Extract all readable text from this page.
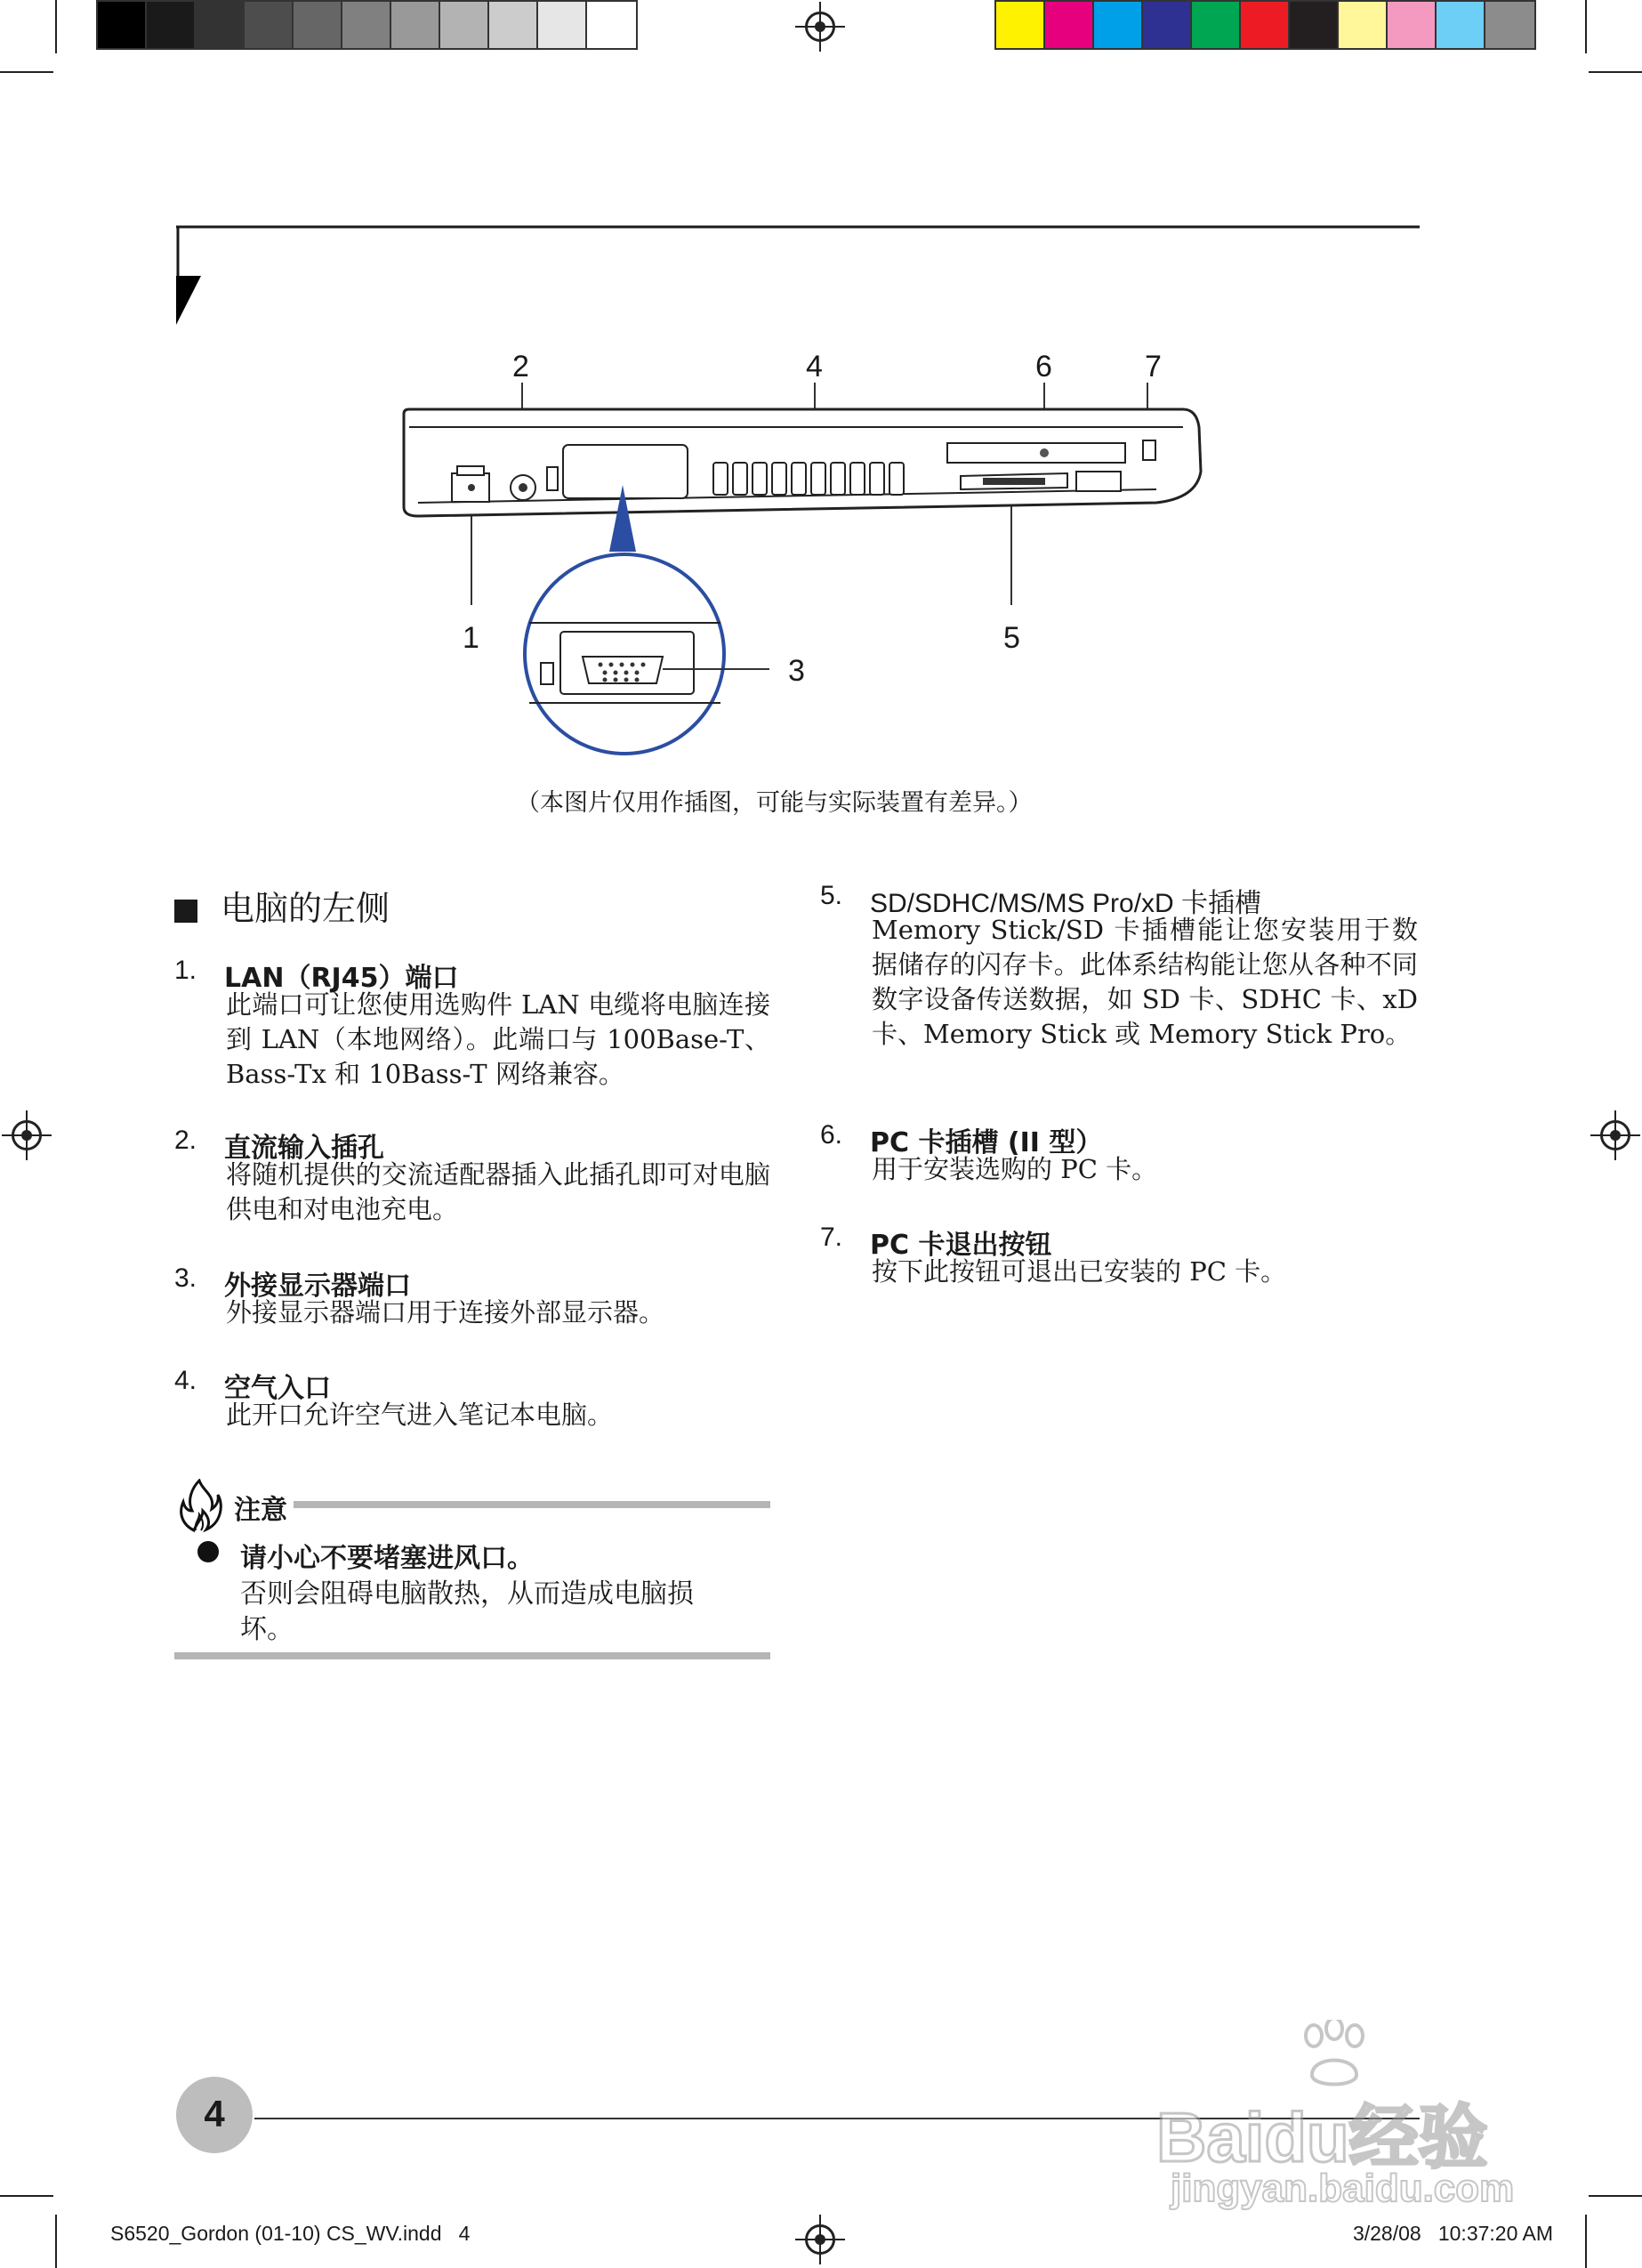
2	4	6	7
1	5
3
（本图片仅用作插图，可能与实际装置有差异。）
电脑的左侧
1. LAN（RJ45）端口
此端口可让您使用选购件 LAN 电缆将电脑连接到 LAN（本地网络）。此端口与 100Base-T、Bass-Tx 和 10Bass-T 网络兼容。
2. 直流输入插孔
将随机提供的交流适配器插入此插孔即可对电脑供电和对电池充电。
3. 外接显示器端口
外接显示器端口用于连接外部显示器。
4. 空气入口
此开口允许空气进入笔记本电脑。
注意
请小心不要堵塞进风口。
否则会阻碍电脑散热，从而造成电脑损坏。
5. SD/SDHC/MS/MS Pro/xD 卡插槽
Memory Stick/SD 卡插槽能让您安装用于数据储存的闪存卡。此体系结构能让您从各种不同数字设备传送数据，如 SD 卡、SDHC 卡、xD 卡、Memory Stick 或 Memory Stick Pro。
6. PC 卡插槽 (II 型）
用于安装选购的 PC 卡。
7. PC 卡退出按钮
按下此按钮可退出已安装的 PC 卡。
4	Baidu经验
jingyan.baidu.com
S6520_Gordon (01-10) CS_WV.indd   4	3/28/08   10:37:20 AM
